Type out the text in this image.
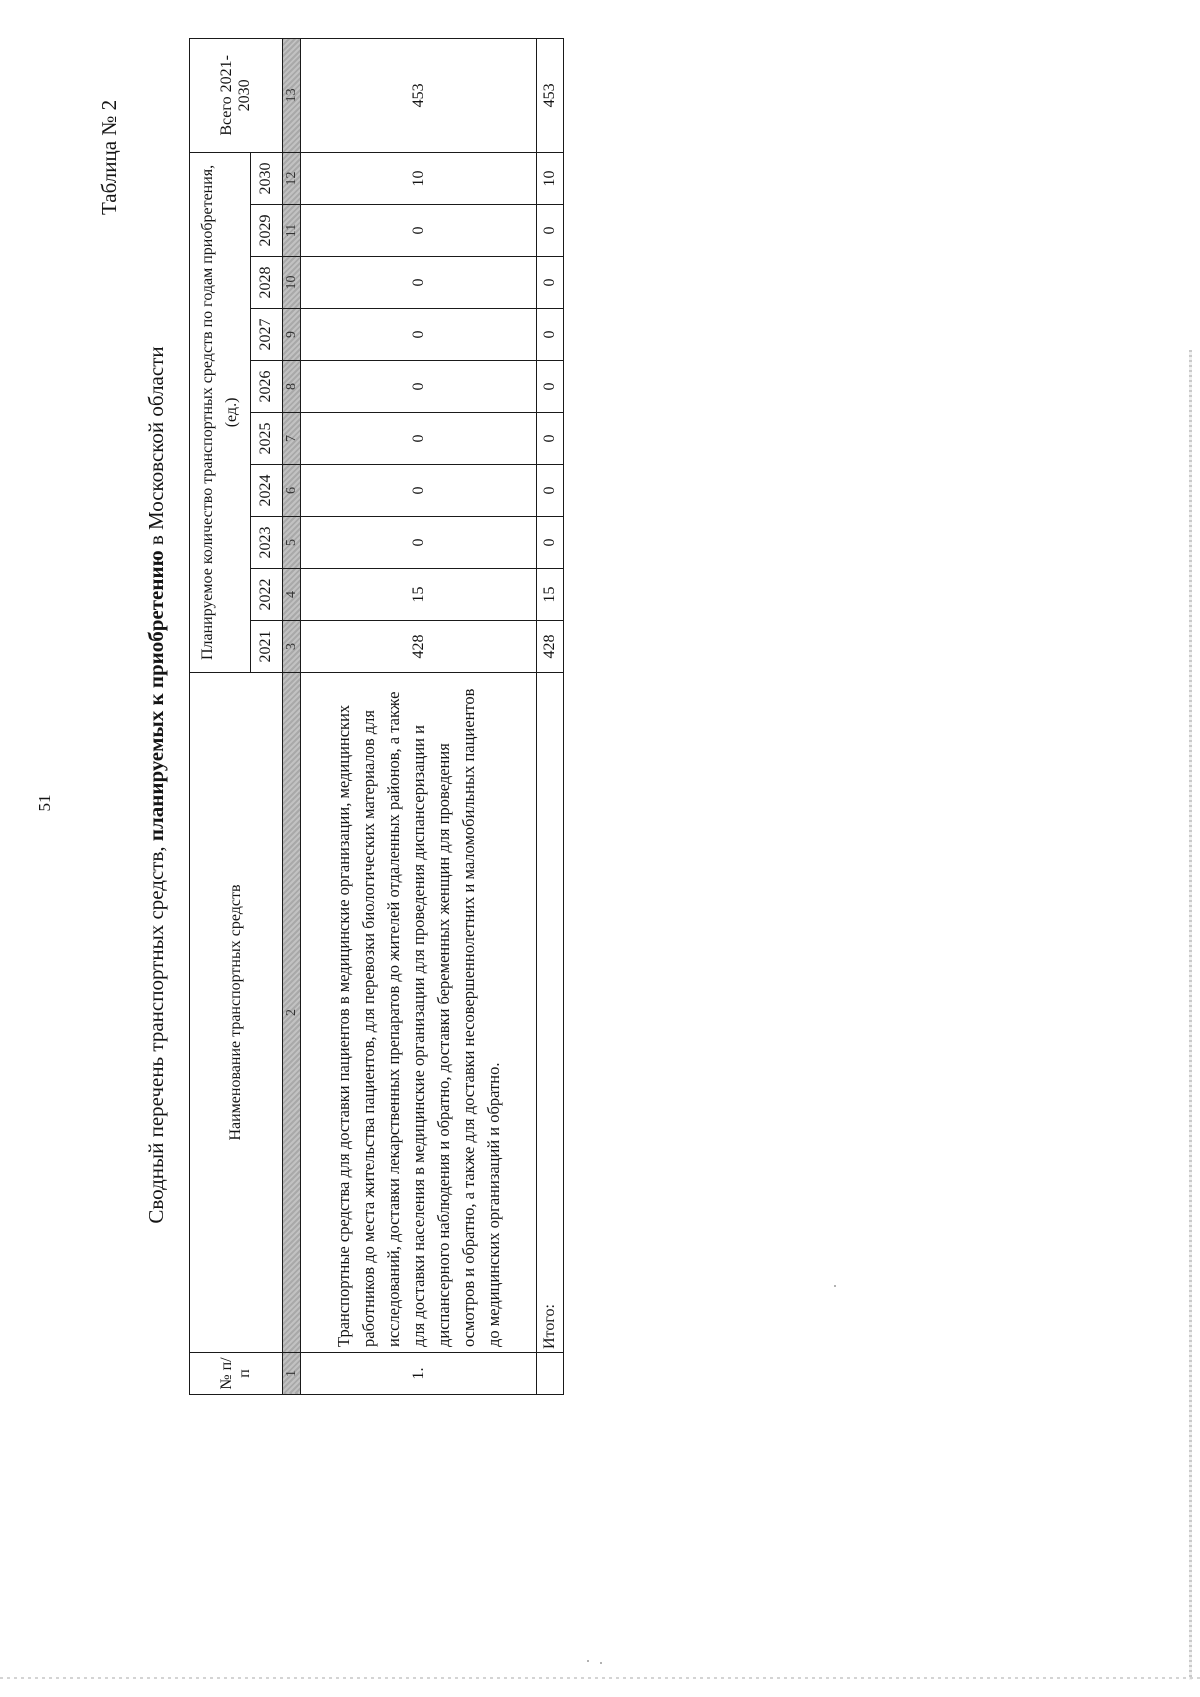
51
Таблица № 2
Сводный перечень транспортных средств, планируемых к приобретению в Московской области
№ п/п	Наименование транспортных средств	Планируемое количество транспортных средств по годам приобретения, (ед.)										Всего 2021-2030
		2021	2022	2023	2024	2025	2026	2027	2028	2029	2030	
1	2	3	4	5	6	7	8	9	10	11	12	13
1.	Транспортные средства для доставки пациентов в медицинские организации, медицинских работников до места жительства пациентов, для перевозки биологических материалов для исследований, доставки лекарственных препаратов до жителей отдаленных районов, а также для доставки населения в медицинские организации для проведения диспансеризации и диспансерного наблюдения и обратно, доставки беременных женщин для проведения осмотров и обратно, а также для доставки несовершеннолетних и маломобильных пациентов до медицинских организаций и обратно.	428	15	0	0	0	0	0	0	0	10	453
	Итого:	428	15	0	0	0	0	0	0	0	10	453
